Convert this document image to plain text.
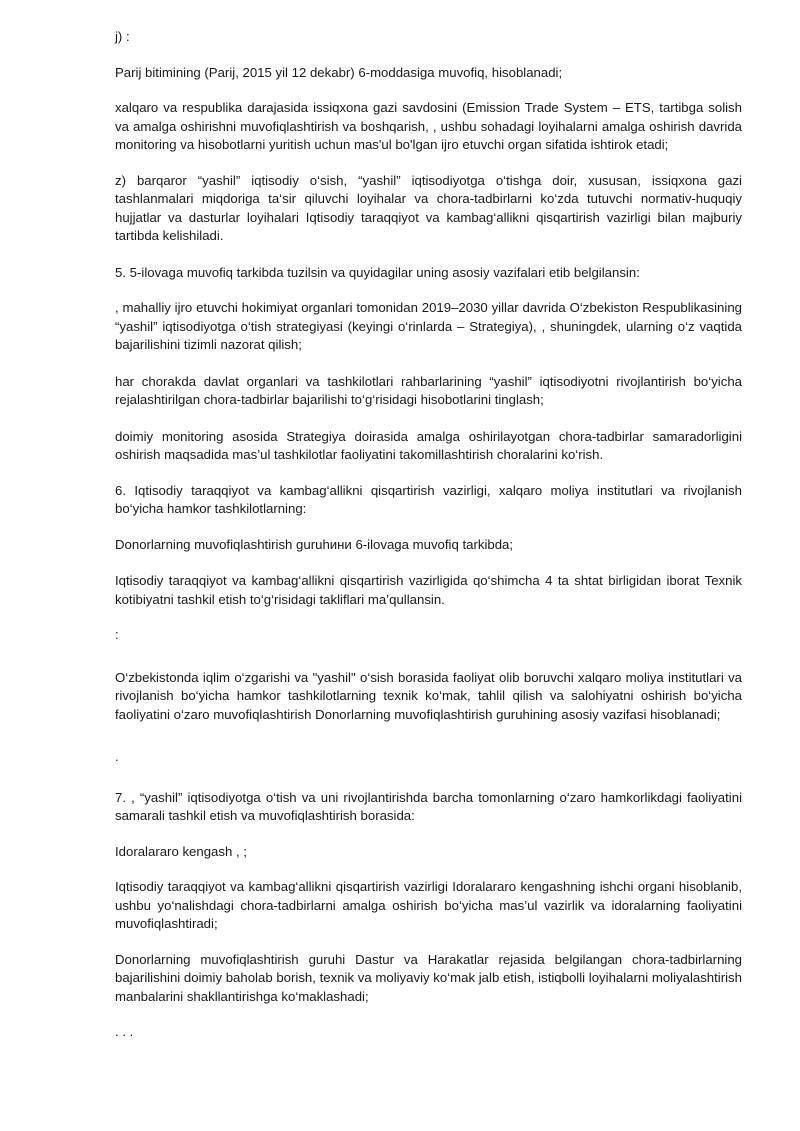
j) :

Parij bitimining (Parij, 2015 yil 12 dekabr) 6-moddasiga muvofiq, hisoblanadi;

xalqaro va respublika darajasida issiqxona gazi savdosini (Emission Trade System – ETS, tartibga solish va amalga oshirishni muvofiqlashtirish va boshqarish, , ushbu sohadagi loyihalarni amalga oshirish davrida monitoring va hisobotlarni yuritish uchun mas'ul bo'lgan ijro etuvchi organ sifatida ishtirok etadi;

z) barqaror “yashil” iqtisodiy o‘sish, “yashil” iqtisodiyotga o‘tishga doir, xususan, issiqxona gazi tashlanmalari miqdoriga ta‘sir qiluvchi loyihalar va chora-tadbirlarni ko‘zda tutuvchi normativ-huquqiy hujjatlar va dasturlar loyihalari Iqtisodiy taraqqiyot va kambag‘allikni qisqartirish vazirligi bilan majburiy tartibda kelishiladi.

5. 5-ilovaga muvofiq tarkibda tuzilsin va quyidagilar uning asosiy vazifalari etib belgilansin:

, mahalliy ijro etuvchi hokimiyat organlari tomonidan 2019–2030 yillar davrida O‘zbekiston Respublikasining “yashil” iqtisodiyotga o‘tish strategiyasi (keyingi o‘rinlarda – Strategiya), , shuningdek, ularning o‘z vaqtida bajarilishini tizimli nazorat qilish;

har chorakda davlat organlari va tashkilotlari rahbarlarining “yashil” iqtisodiyotni rivojlantirish bo‘yicha rejalashtirilgan chora-tadbirlar bajarilishi to‘g‘risidagi hisobotlarini tinglash;

doimiy monitoring asosida Strategiya doirasida amalga oshirilayotgan chora-tadbirlar samaradorligini oshirish maqsadida mas’ul tashkilotlar faoliyatini takomillashtirish choralarini ko‘rish.

6. Iqtisodiy taraqqiyot va kambag‘allikni qisqartirish vazirligi, xalqaro moliya institutlari va rivojlanish bo‘yicha hamkor tashkilotlarning:

Donorlarning muvofiqlashtirish guruhини 6-ilovaga muvofiq tarkibda;

Iqtisodiy taraqqiyot va kambag‘allikni qisqartirish vazirligida qo‘shimcha 4 ta shtat birligidan iborat Texnik kotibiyatni tashkil etish to‘g‘risidagi takliflari ma’qullansin.

:

O‘zbekistonda iqlim o‘zgarishi va "yashil" o‘sish borasida faoliyat olib boruvchi xalqaro moliya institutlari va rivojlanish bo‘yicha hamkor tashkilotlarning texnik ko‘mak, tahlil qilish va salohiyatni oshirish bo‘yicha faoliyatini o‘zaro muvofiqlashtirish Donorlarning muvofiqlashtirish guruhining asosiy vazifasi hisoblanadi;

.

7. , “yashil” iqtisodiyotga o‘tish va uni rivojlantirishda barcha tomonlarning o‘zaro hamkorlikdagi faoliyatini samarali tashkil etish va muvofiqlashtirish borasida:

Idoralararo kengash , ;

Iqtisodiy taraqqiyot va kambag‘allikni qisqartirish vazirligi Idoralararo kengashning ishchi organi hisoblanib, ushbu yo‘nalishdagi chora-tadbirlarni amalga oshirish bo‘yicha mas’ul vazirlik va idoralarning faoliyatini muvofiqlashtiradi;

Donorlarning muvofiqlashtirish guruhi Dastur va Harakatlar rejasida belgilangan chora-tadbirlarning bajarilishini doimiy baholab borish, texnik va moliyaviy ko‘mak jalb etish, istiqbolli loyihalarni moliyalashtirish manbalarini shakllantirishga ko‘maklashadi;

. . .
